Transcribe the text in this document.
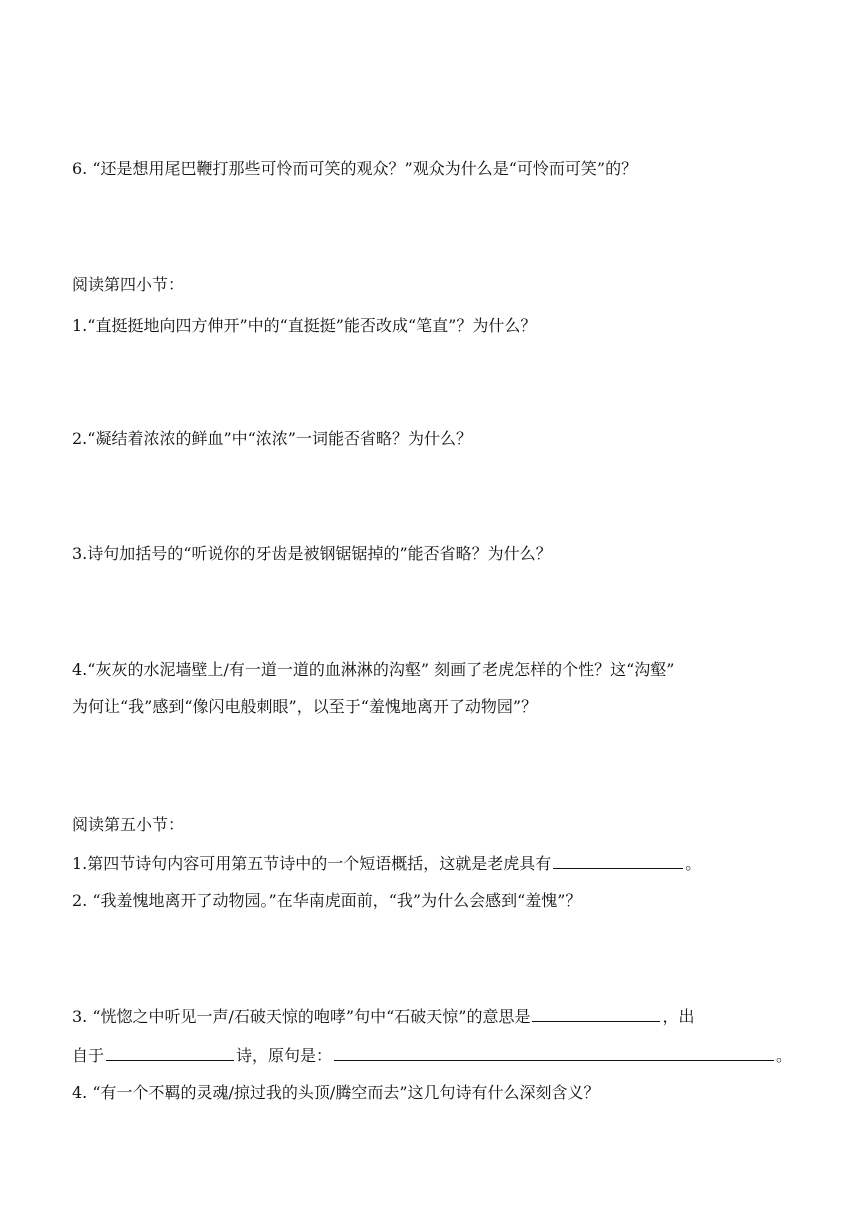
6. “还是想用尾巴鞭打那些可怜而可笑的观众？”观众为什么是“可怜而可笑”的？
阅读第四小节：
1.“直挺挺地向四方伸开”中的“直挺挺”能否改成“笔直”？为什么？
2.“凝结着浓浓的鲜血”中“浓浓”一词能否省略？为什么？
3.诗句加括号的“听说你的牙齿是被钢锯锯掉的”能否省略？为什么？
4.“灰灰的水泥墙壁上/有一道一道的血淋淋的沟壑” 刻画了老虎怎样的个性？这“沟壑”
为何让“我”感到“像闪电般刺眼”，以至于“羞愧地离开了动物园”？
阅读第五小节：
1.第四节诗句内容可用第五节诗中的一个短语概括，这就是老虎具有	。
2. “我羞愧地离开了动物园。”在华南虎面前，“我”为什么会感到“羞愧”？
3. “恍惚之中听见一声/石破天惊的咆哮”句中“石破天惊”的意思是	，出
自于	诗，原句是：	。
4. “有一个不羁的灵魂/掠过我的头顶/腾空而去”这几句诗有什么深刻含义？
